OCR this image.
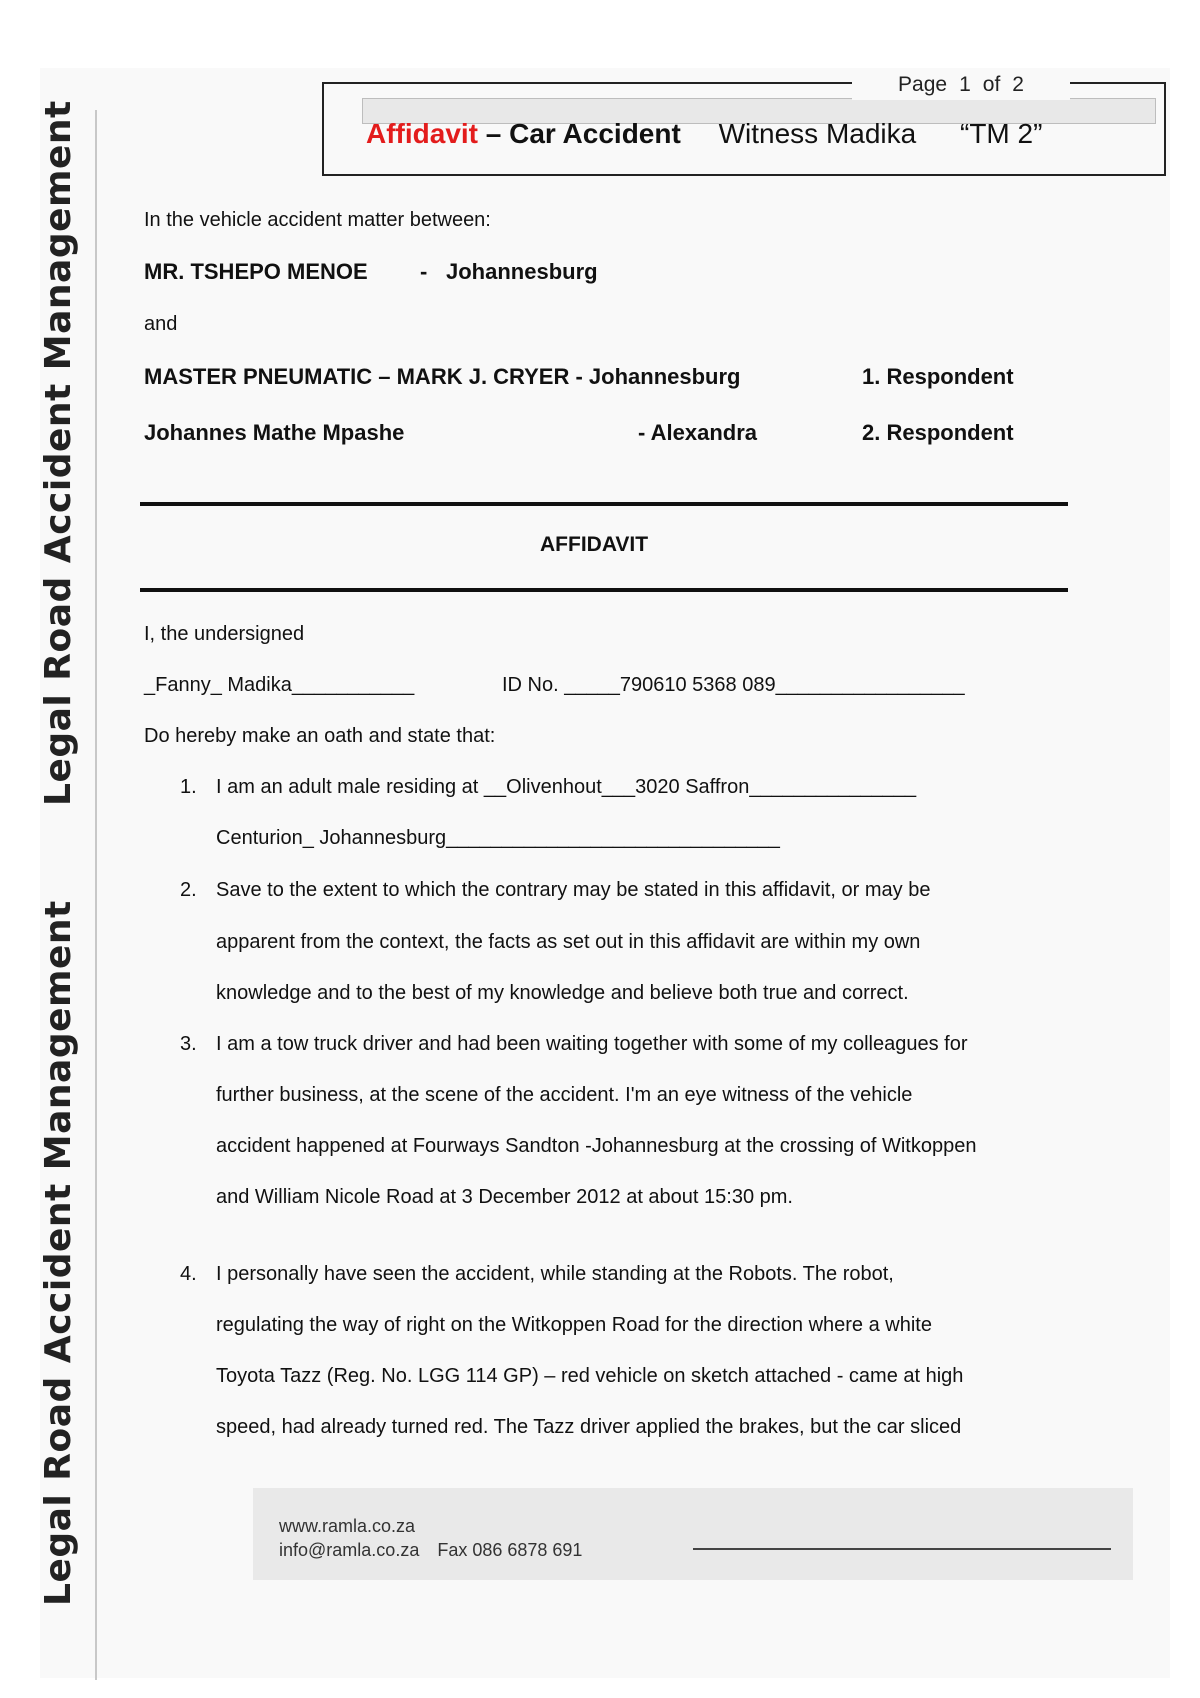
Legal Road Accident Management
Legal Road Accident Management
Page 1 of 2
Affidavit – Car Accident Witness Madika “TM 2”
In the vehicle accident matter between:
MR. TSHEPO MENOE - Johannesburg
and
MASTER PNEUMATIC – MARK J. CRYER - Johannesburg	1. Respondent
Johannes Mathe Mpashe	- Alexandra	2. Respondent
AFFIDAVIT
I, the undersigned
_Fanny_ Madika___________	ID No. _____790610 5368 089_________________
Do hereby make an oath and state that:
1. I am an adult male residing at __Olivenhout___3020 Saffron_______________
Centurion_ Johannesburg______________________________
2. Save to the extent to which the contrary may be stated in this affidavit, or may be
apparent from the context, the facts as set out in this affidavit are within my own
knowledge and to the best of my knowledge and believe both true and correct.
3. I am a tow truck driver and had been waiting together with some of my colleagues for
further business, at the scene of the accident. I'm an eye witness of the vehicle
accident happened at Fourways Sandton -Johannesburg at the crossing of Witkoppen
and William Nicole Road at 3 December 2012 at about 15:30 pm.
4. I personally have seen the accident, while standing at the Robots. The robot,
regulating the way of right on the Witkoppen Road for the direction where a white
Toyota Tazz (Reg. No. LGG 114 GP) – red vehicle on sketch attached - came at high
speed, had already turned red. The Tazz driver applied the brakes, but the car sliced
www.ramla.co.za
info@ramla.co.za Fax 086 6878 691
